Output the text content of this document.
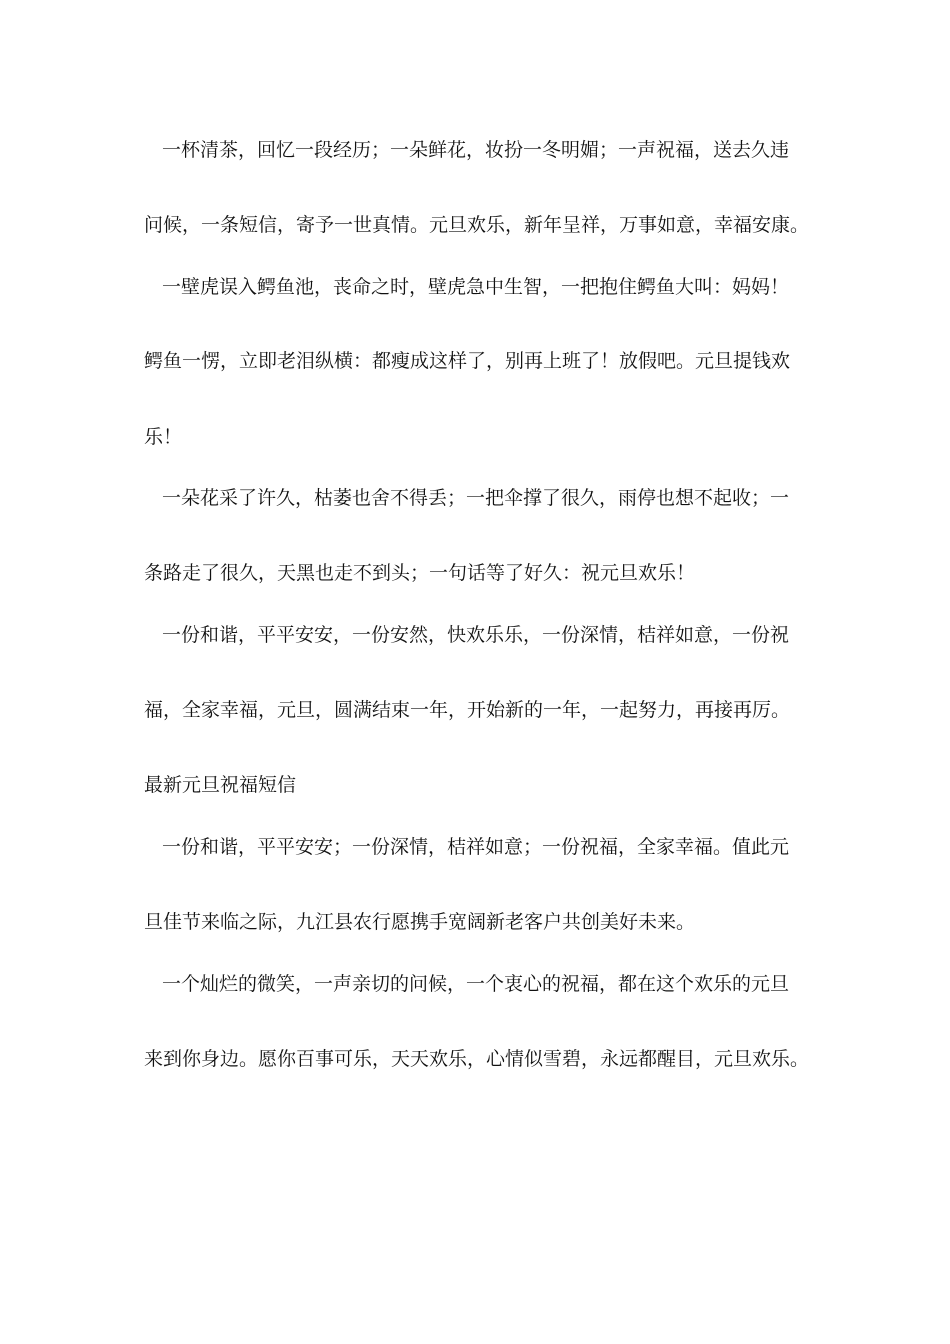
一杯清茶，回忆一段经历；一朵鲜花，妆扮一冬明媚；一声祝福，送去久违
问候，一条短信，寄予一世真情。元旦欢乐，新年呈祥，万事如意，幸福安康。
一壁虎误入鳄鱼池，丧命之时，壁虎急中生智，一把抱住鳄鱼大叫：妈妈！
鳄鱼一愣，立即老泪纵横：都瘦成这样了，别再上班了！放假吧。元旦提钱欢
乐！
一朵花采了许久，枯萎也舍不得丢；一把伞撑了很久，雨停也想不起收；一
条路走了很久，天黑也走不到头；一句话等了好久：祝元旦欢乐！
一份和谐，平平安安，一份安然，快欢乐乐，一份深情，桔祥如意，一份祝
福，全家幸福，元旦，圆满结束一年，开始新的一年，一起努力，再接再厉。
最新元旦祝福短信
一份和谐，平平安安；一份深情，桔祥如意；一份祝福，全家幸福。值此元
旦佳节来临之际，九江县农行愿携手宽阔新老客户共创美好未来。
一个灿烂的微笑，一声亲切的问候，一个衷心的祝福，都在这个欢乐的元旦
来到你身边。愿你百事可乐，天天欢乐，心情似雪碧，永远都醒目，元旦欢乐。
